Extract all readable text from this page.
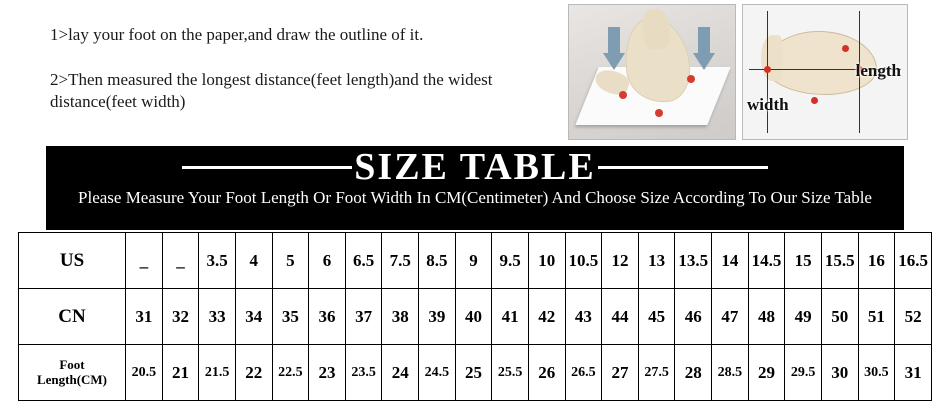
1>lay your foot on the paper,and draw the outline of it.
2>Then measured the longest distance(feet length)and the widest distance(feet width)
length
width
SIZE TABLE
Please Measure Your Foot Length Or Foot Width In CM(Centimeter) And Choose Size According To Our Size Table
US	_	_	3.5	4	5	6	6.5	7.5	8.5	9	9.5	10	10.5	12	13	13.5	14	14.5	15	15.5	16	16.5
CN	31	32	33	34	35	36	37	38	39	40	41	42	43	44	45	46	47	48	49	50	51	52

Foot
Length(CM)	20.5	21	21.5	22	22.5	23	23.5	24	24.5	25	25.5	26	26.5	27	27.5	28	28.5	29	29.5	30	30.5	31
